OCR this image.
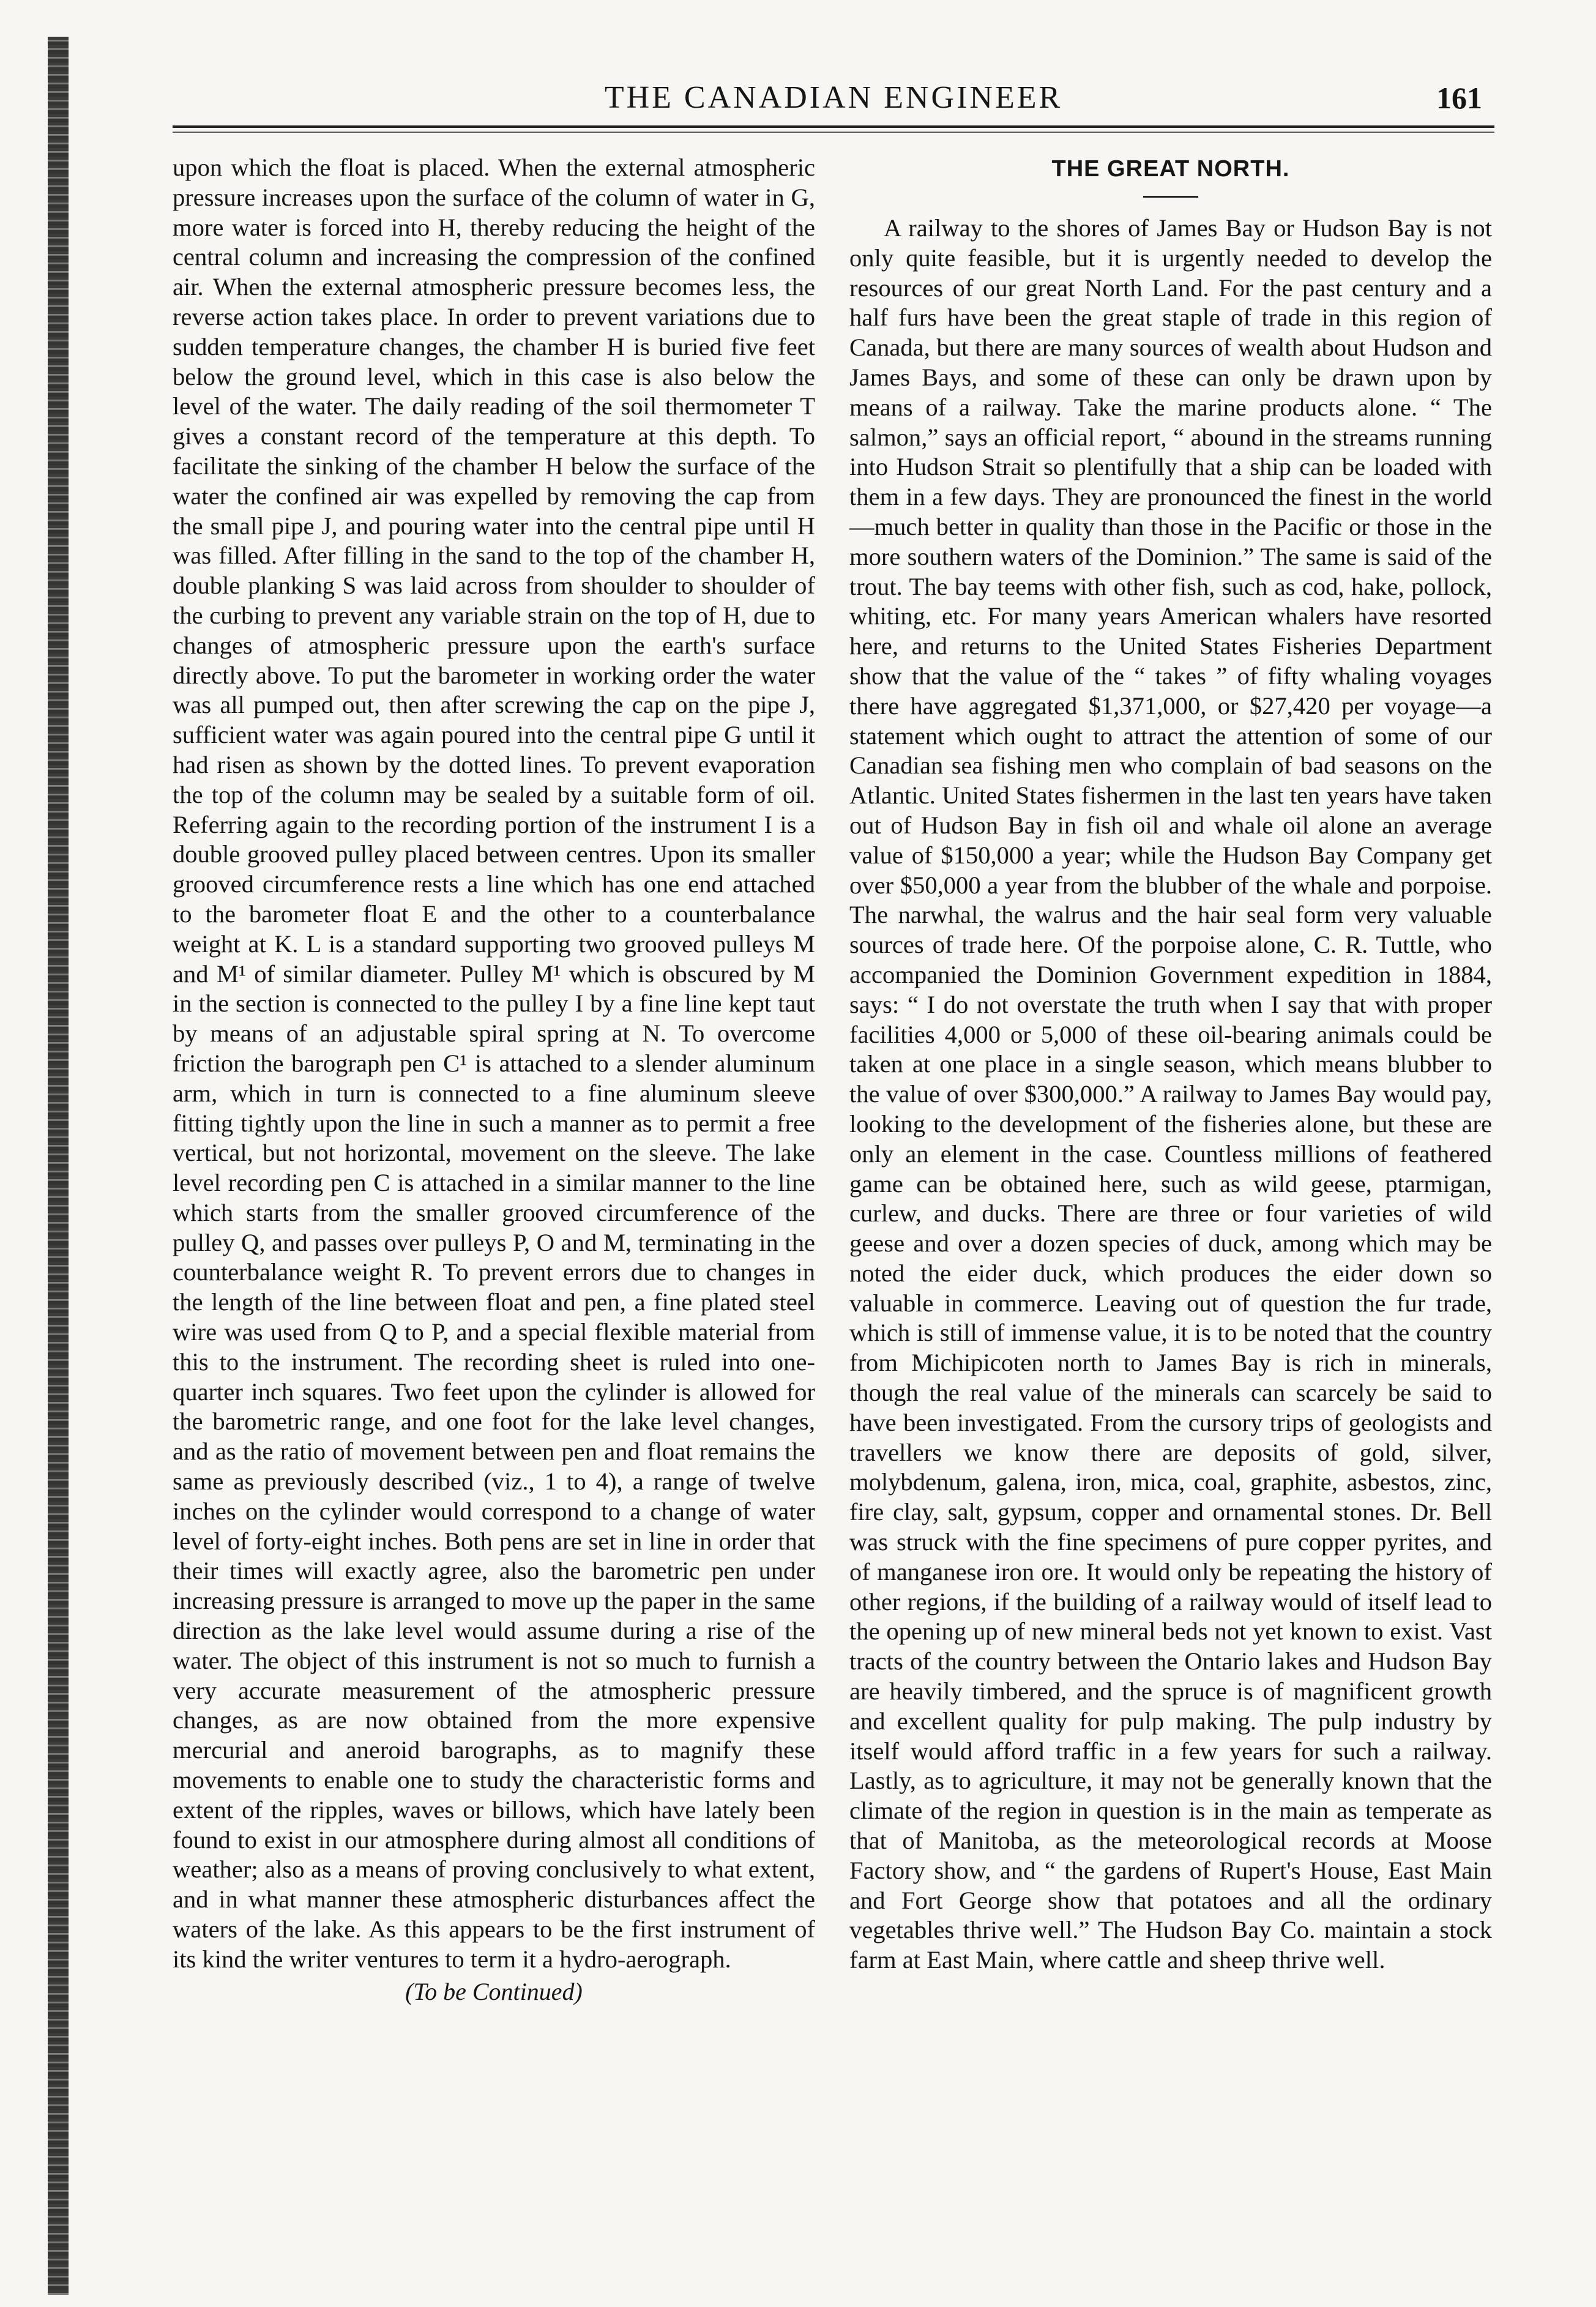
THE CANADIAN ENGINEER	161

upon which the float is placed. When the external atmospheric pressure increases upon the surface of the column of water in G, more water is forced into H, thereby reducing the height of the central column and increasing the compression of the confined air. When the external atmospheric pressure becomes less, the reverse action takes place. In order to prevent variations due to sudden temperature changes, the chamber H is buried five feet below the ground level, which in this case is also below the level of the water. The daily reading of the soil thermometer T gives a constant record of the temperature at this depth. To facilitate the sinking of the chamber H below the surface of the water the confined air was expelled by removing the cap from the small pipe J, and pouring water into the central pipe until H was filled. After filling in the sand to the top of the chamber H, double planking S was laid across from shoulder to shoulder of the curbing to prevent any variable strain on the top of H, due to changes of atmospheric pressure upon the earth's surface directly above. To put the barometer in working order the water was all pumped out, then after screwing the cap on the pipe J, sufficient water was again poured into the central pipe G until it had risen as shown by the dotted lines. To prevent evaporation the top of the column may be sealed by a suitable form of oil. Referring again to the recording portion of the instrument I is a double grooved pulley placed between centres. Upon its smaller grooved circumference rests a line which has one end attached to the barometer float E and the other to a counterbalance weight at K. L is a standard supporting two grooved pulleys M and M¹ of similar diameter. Pulley M¹ which is obscured by M in the section is connected to the pulley I by a fine line kept taut by means of an adjustable spiral spring at N. To overcome friction the barograph pen C¹ is attached to a slender aluminum arm, which in turn is connected to a fine aluminum sleeve fitting tightly upon the line in such a manner as to permit a free vertical, but not horizontal, movement on the sleeve. The lake level recording pen C is attached in a similar manner to the line which starts from the smaller grooved circumference of the pulley Q, and passes over pulleys P, O and M, terminating in the counterbalance weight R. To prevent errors due to changes in the length of the line between float and pen, a fine plated steel wire was used from Q to P, and a special flexible material from this to the instrument. The recording sheet is ruled into one-quarter inch squares. Two feet upon the cylinder is allowed for the barometric range, and one foot for the lake level changes, and as the ratio of movement between pen and float remains the same as previously described (viz., 1 to 4), a range of twelve inches on the cylinder would correspond to a change of water level of forty-eight inches. Both pens are set in line in order that their times will exactly agree, also the barometric pen under increasing pressure is arranged to move up the paper in the same direction as the lake level would assume during a rise of the water. The object of this instrument is not so much to furnish a very accurate measurement of the atmospheric pressure changes, as are now obtained from the more expensive mercurial and aneroid barographs, as to magnify these movements to enable one to study the characteristic forms and extent of the ripples, waves or billows, which have lately been found to exist in our atmosphere during almost all conditions of weather; also as a means of proving conclusively to what extent, and in what manner these atmospheric disturbances affect the waters of the lake. As this appears to be the first instrument of its kind the writer ventures to term it a hydro-aerograph.

(To be Continued)
THE GREAT NORTH.

A railway to the shores of James Bay or Hudson Bay is not only quite feasible, but it is urgently needed to develop the resources of our great North Land. For the past century and a half furs have been the great staple of trade in this region of Canada, but there are many sources of wealth about Hudson and James Bays, and some of these can only be drawn upon by means of a railway. Take the marine products alone. “ The salmon,” says an official report, “ abound in the streams running into Hudson Strait so plentifully that a ship can be loaded with them in a few days. They are pronounced the finest in the world—much better in quality than those in the Pacific or those in the more southern waters of the Dominion.” The same is said of the trout. The bay teems with other fish, such as cod, hake, pollock, whiting, etc. For many years American whalers have resorted here, and returns to the United States Fisheries Department show that the value of the “ takes ” of fifty whaling voyages there have aggregated $1,371,000, or $27,420 per voyage—a statement which ought to attract the attention of some of our Canadian sea fishing men who complain of bad seasons on the Atlantic. United States fishermen in the last ten years have taken out of Hudson Bay in fish oil and whale oil alone an average value of $150,000 a year; while the Hudson Bay Company get over $50,000 a year from the blubber of the whale and porpoise. The narwhal, the walrus and the hair seal form very valuable sources of trade here. Of the porpoise alone, C. R. Tuttle, who accompanied the Dominion Government expedition in 1884, says: “ I do not overstate the truth when I say that with proper facilities 4,000 or 5,000 of these oil-bearing animals could be taken at one place in a single season, which means blubber to the value of over $300,000.” A railway to James Bay would pay, looking to the development of the fisheries alone, but these are only an element in the case. Countless millions of feathered game can be obtained here, such as wild geese, ptarmigan, curlew, and ducks. There are three or four varieties of wild geese and over a dozen species of duck, among which may be noted the eider duck, which produces the eider down so valuable in commerce. Leaving out of question the fur trade, which is still of immense value, it is to be noted that the country from Michipicoten north to James Bay is rich in minerals, though the real value of the minerals can scarcely be said to have been investigated. From the cursory trips of geologists and travellers we know there are deposits of gold, silver, molybdenum, galena, iron, mica, coal, graphite, asbestos, zinc, fire clay, salt, gypsum, copper and ornamental stones. Dr. Bell was struck with the fine specimens of pure copper pyrites, and of manganese iron ore. It would only be repeating the history of other regions, if the building of a railway would of itself lead to the opening up of new mineral beds not yet known to exist. Vast tracts of the country between the Ontario lakes and Hudson Bay are heavily timbered, and the spruce is of magnificent growth and excellent quality for pulp making. The pulp industry by itself would afford traffic in a few years for such a railway. Lastly, as to agriculture, it may not be generally known that the climate of the region in question is in the main as temperate as that of Manitoba, as the meteorological records at Moose Factory show, and “ the gardens of Rupert's House, East Main and Fort George show that potatoes and all the ordinary vegetables thrive well.” The Hudson Bay Co. maintain a stock farm at East Main, where cattle and sheep thrive well.
